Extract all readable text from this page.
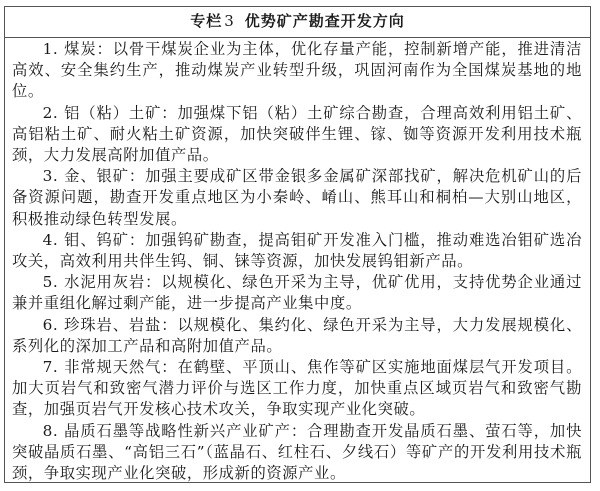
专栏 3 优势矿产勘查开发方向

1. 煤炭：以骨干煤炭企业为主体，优化存量产能，控制新增产能，推进清洁高效、安全集约生产，推动煤炭产业转型升级，巩固河南作为全国煤炭基地的地位。

2. 铝（粘）土矿：加强煤下铝（粘）土矿综合勘查，合理高效利用铝土矿、高铝粘土矿、耐火粘土矿资源，加快突破伴生锂、镓、铷等资源开发利用技术瓶颈，大力发展高附加值产品。

3. 金、银矿：加强主要成矿区带金银多金属矿深部找矿，解决危机矿山的后备资源问题，勘查开发重点地区为小秦岭、崤山、熊耳山和桐柏—大别山地区，积极推动绿色转型发展。

4. 钼、钨矿：加强钨矿勘查，提高钼矿开发准入门槛，推动难选冶钼矿选冶攻关，高效利用共伴生钨、铜、铼等资源，加快发展钨钼新产品。

5. 水泥用灰岩：以规模化、绿色开采为主导，优矿优用，支持优势企业通过兼并重组化解过剩产能，进一步提高产业集中度。

6. 珍珠岩、岩盐：以规模化、集约化、绿色开采为主导，大力发展规模化、系列化的深加工产品和高附加值产品。

7. 非常规天然气：在鹤壁、平顶山、焦作等矿区实施地面煤层气开发项目。加大页岩气和致密气潜力评价与选区工作力度，加快重点区域页岩气和致密气勘查，加强页岩气开发核心技术攻关，争取实现产业化突破。

8. 晶质石墨等战略性新兴产业矿产：合理勘查开发晶质石墨、萤石等，加快突破晶质石墨、“高铝三石”（蓝晶石、红柱石、夕线石）等矿产的开发利用技术瓶颈，争取实现产业化突破，形成新的资源产业。
